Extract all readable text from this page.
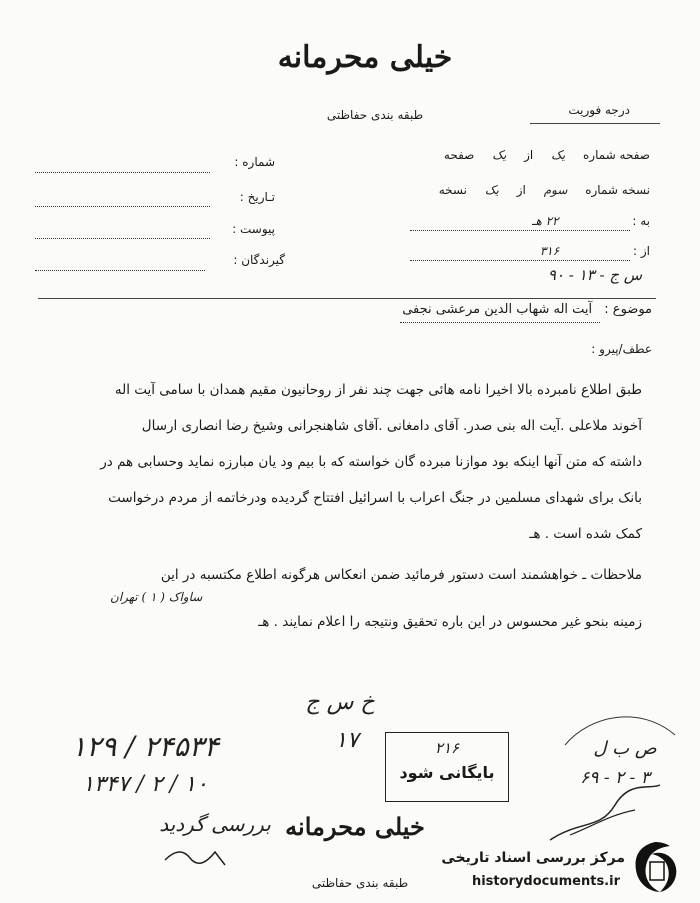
خیلی محرمانه
طبقه بندی حفاظتی	درجه فوریت
صفحه شماره یک از یک صفحه
نسخه شماره سوم از یک نسخه
به : ۲۲ هـ
از : ۳۱۶
س ج - ۱۳ - ۹۰
شماره :
تـاریخ :
پیوست :
گیرندگان :
موضوع : آیت اله شهاب الدین مرعشی نجفی
عطف/پیرو :
طبق اطلاع نامبرده بالا اخیرا نامه هائی جهت چند نفر از روحانیون مقیم همدان با سامی آیت اله
آخوند ملاعلی .آیت اله بنی صدر. آقای دامغانی .آقای شاهنجرانی وشیخ رضا انصاری ارسال
داشته که متن آنها اینکه بود موازنا مبرده گان خواسته که با بیم ود یان مبارزه نماید وحسابی هم در
بانک برای شهدای مسلمین در جنگ اعراب با اسرائیل افتتاح گردیده ودرخاتمه از مردم درخواست
کمک شده است . هـ
ملاحظات ـ خواهشمند است دستور فرمائید ضمن انعکاس هرگونه اطلاع مکتسبه در این
ساواک ( ۱ ) تهران
زمینه بنحو غیر محسوس در این باره تحقیق ونتیجه را اعلام نمایند . هـ
خ س ج
۱۷	۲۱۶
بایگانی شود
۲۴۵۳۴ / ۱۲۹
۱۰ / ۲ / ۱۳۴۷
بررسی گردید
ص ب ل
۳ - ۲ - ۶۹
خیلی محرمانه
طبقه بندی حفاظتی
مرکز بررسی اسناد تاریخی
historydocuments.ir
